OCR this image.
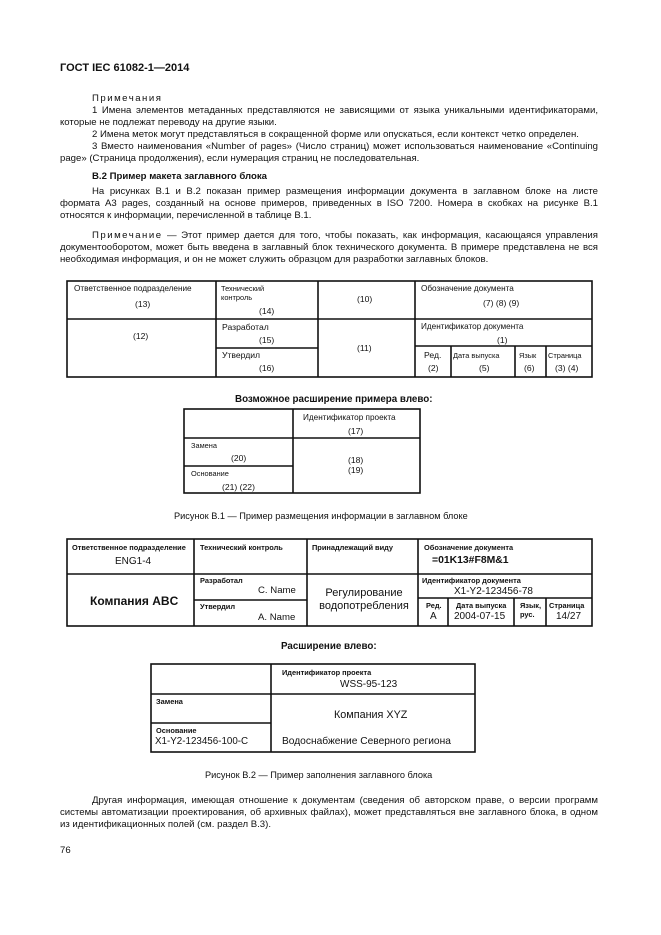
ГОСТ IEC 61082-1—2014
Примечания
1 Имена элементов метаданных представляются не зависящими от языка уникальными идентификаторами, которые не подлежат переводу на другие языки.
2 Имена меток могут представляться в сокращенной форме или опускаться, если контекст четко определен.
3 Вместо наименования «Number of pages» (Число страниц) может использоваться наименование «Continuing page» (Страница продолжения), если нумерация страниц не последовательная.
В.2 Пример макета заглавного блока
На рисунках В.1 и В.2 показан пример размещения информации документа в заглавном блоке на листе формата А3 pages, созданный на основе примеров, приведенных в ISO 7200. Номера в скобках на рисунке В.1 относятся к информации, перечисленной в таблице В.1.
Примечание — Этот пример дается для того, чтобы показать, как информация, касающаяся управления документооборотом, может быть введена в заглавный блок технического документа. В примере представлена не вся необходимая информация, и он не может служить образцом для разработки заглавных блоков.
Ответственное подразделение
(13)
(12)
Технический контроль
(14)
Разработал
(15)
Утвердил
(16)
(10)
(11)
Обозначение документа
(7) (8) (9)
Идентификатор документа
(1)
Ред.
(2)
Дата выпуска
(5)
Язык
(6)
Страница
(3) (4)
Возможное расширение примера влево:
Идентификатор проекта
(17)
Замена
(20)
Основание
(21) (22)
(18)
(19)
Рисунок В.1 — Пример размещения информации в заглавном блоке
Ответственное подразделение
ENG1-4
Компания ABC
Технический контроль
Разработал
C. Name
Утвердил
A. Name
Принадлежащий виду
Регулирование водопотребления
Обозначение документа
=01K13#F8M&1
Идентификатор документа
X1-Y2-123456-78
Ред.
A
Дата выпуска
2004-07-15
Язык, рус.
Страница
14/27
Расширение влево:
Идентификатор проекта
WSS-95-123
Замена
Основание
X1-Y2-123456-100-C
Компания XYZ
Водоснабжение Северного региона
Рисунок В.2 — Пример заполнения заглавного блока
Другая информация, имеющая отношение к документам (сведения об авторском праве, о версии программ системы автоматизации проектирования, об архивных файлах), может представляться вне заглавного блока, в одном из идентификационных полей (см. раздел В.3).
76
